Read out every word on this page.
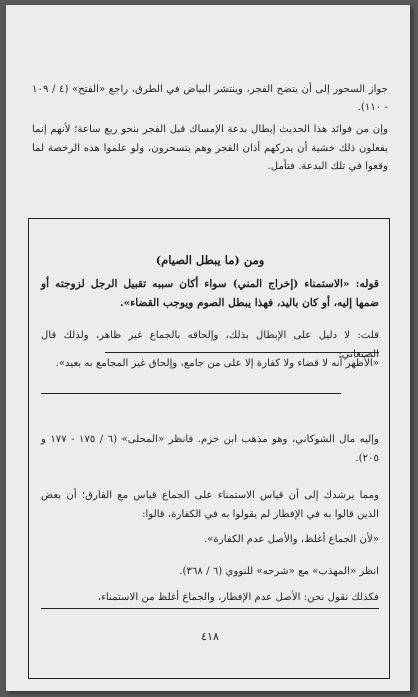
جواز السحور إلى أن يتضح الفجر، وينتشر البياض في الطرق، راجع «الفتح» (٤ / ١٠٩ - ١١٠).

وإن من فوائد هذا الحديث إبطال بدعة الإمساك قبل الفجر بنحو ربع ساعة؛ لأنهم إنما يفعلون ذلك خشية أن يدركهم أذان الفجر وهم يتسحرون، ولو علموا هذه الرخصة لما وقعوا في تلك البدعة. فتأمل.

ومن (ما يبطل الصيام)
قوله: «الاستمناء (إخراج المني) سواء أكان سببه تقبيل الرجل لزوجته أو ضمها إليه، أو كان باليد، فهذا يبطل الصوم ويوجب القضاء».
قلت: لا دليل على الإبطال بذلك، وإلحاقه بالجماع غير ظاهر، ولذلك قال الصنعاني:
«الأظهر أنه لا قضاء ولا كفارة إلا على من جامع، وإلحاق غير المجامع به بعيد».
وإليه مال الشوكاني، وهو مذهب ابن حزم. فانظر «المحلى» (٦ / ١٧٥ - ١٧٧ و ٢٠٥).
ومما يرشدك إلى أن قياس الاستمناء على الجماع قياس مع الفارق؛ أن بعض الذين قالوا به في الإفطار لم يقولوا به في الكفارة، قالوا:
«لأن الجماع أغلظ، والأصل عدم الكفارة».
انظر «المهذب» مع «شرحه» للنووي (٦ / ٣٦٨).
فكذلك نقول نحن: الأصل عدم الإفطار، والجماع أغلظ من الاستمناء،
٤١٨
